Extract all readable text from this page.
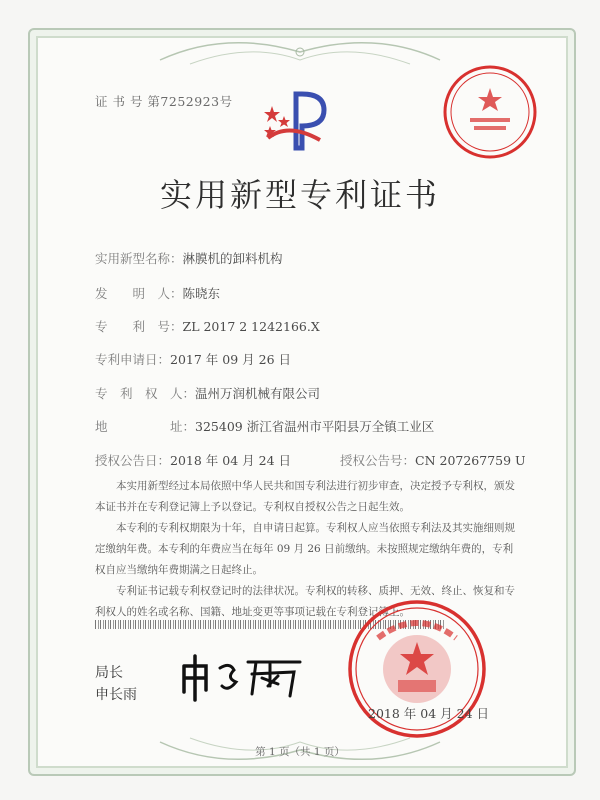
证 书 号 第7252923号
实用新型专利证书
实用新型名称：淋膜机的卸料机构
发　　明　人：陈晓东
专　　利　号：ZL 2017 2 1242166.X
专利申请日：2017 年 09 月 26 日
专　利　权　人：温州万润机械有限公司
地　　　　　址：325409 浙江省温州市平阳县万全镇工业区
授权公告日：2018 年 04 月 24 日	授权公告号：CN 207267759 U

本实用新型经过本局依照中华人民共和国专利法进行初步审查，决定授予专利权，颁发本证书并在专利登记簿上予以登记。专利权自授权公告之日起生效。

本专利的专利权期限为十年，自申请日起算。专利权人应当依照专利法及其实施细则规定缴纳年费。本专利的年费应当在每年 09 月 26 日前缴纳。未按照规定缴纳年费的，专利权自应当缴纳年费期满之日起终止。

专利证书记载专利权登记时的法律状况。专利权的转移、质押、无效、终止、恢复和专利权人的姓名或名称、国籍、地址变更等事项记载在专利登记簿上。

局长
申长雨
2018 年 04 月 24 日
第 1 页（共 1 页）
